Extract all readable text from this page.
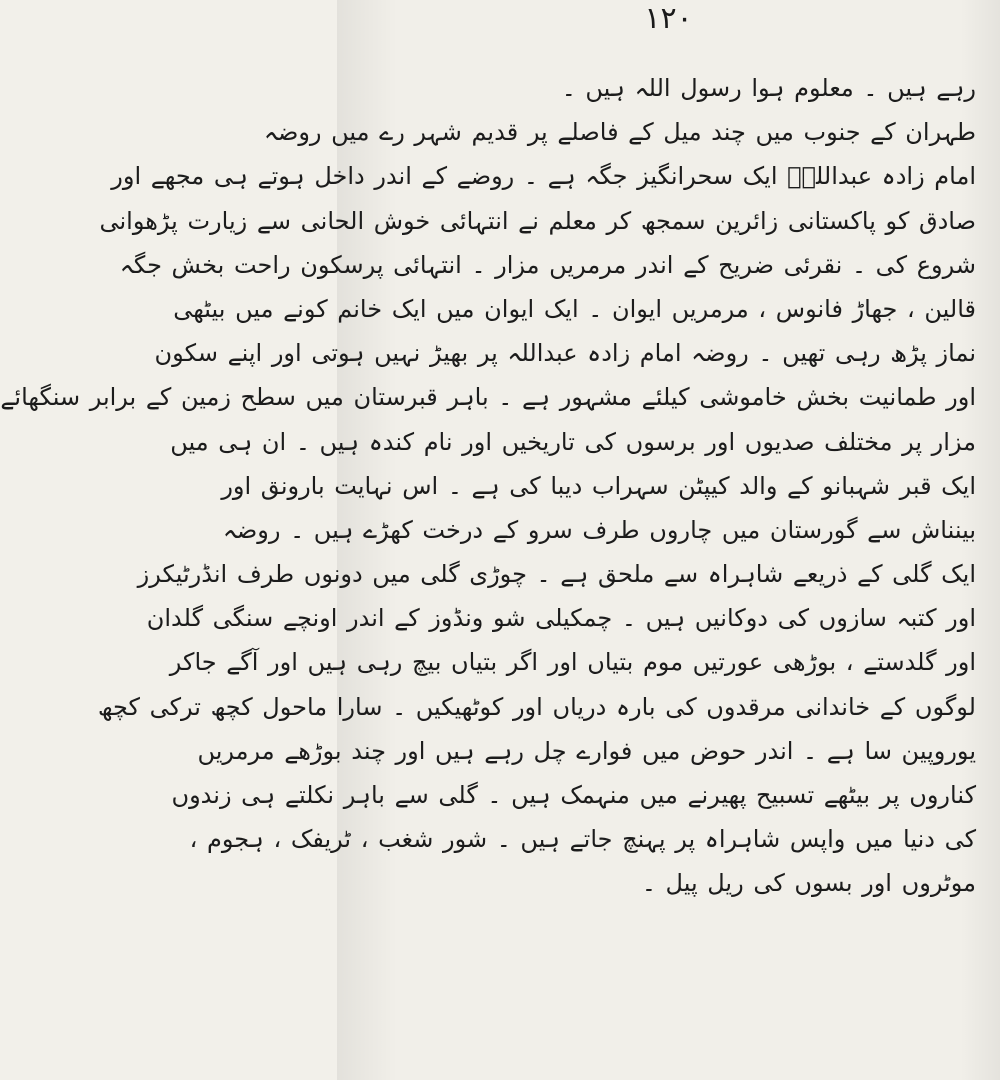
١٢٠
رہے ہیں ۔ معلوم ہوا رسول اللہ ہیں ۔
طہران کے جنوب میں چند میل کے فاصلے پر قدیم شہر رے میں روضہ
امام زادہ عبداللہؑ ایک سحرانگیز جگہ ہے ۔ روضے کے اندر داخل ہوتے ہی مجھے اور
صادق کو پاکستانی زائرین سمجھ کر معلم نے انتہائی خوش الحانی سے زیارت پڑھوانی
شروع کی ۔ نقرئی ضریح کے اندر مرمریں مزار ۔ انتہائی پرسکون راحت بخش جگہ
قالین ، جھاڑ فانوس ، مرمریں ایوان ۔ ایک ایوان میں ایک خانم کونے میں بیٹھی
نماز پڑھ رہی تھیں ۔ روضہ امام زادہ عبداللہ پر بھیڑ نہیں ہوتی اور اپنے سکون
اور طمانیت بخش خاموشی کیلئے مشہور ہے ۔ باہر قبرستان میں سطح زمین کے برابر سنگھائے
مزار پر مختلف صدیوں اور برسوں کی تاریخیں اور نام کندہ ہیں ۔ ان ہی میں
ایک قبر شہبانو کے والد کیپٹن سہراب دیبا کی ہے ۔ اس نہایت بارونق اور
بینناش سے گورستان میں چاروں طرف سرو کے درخت کھڑے ہیں ۔ روضہ
ایک گلی کے ذریعے شاہراہ سے ملحق ہے ۔ چوڑی گلی میں دونوں طرف انڈرٹیکرز
اور کتبہ سازوں کی دوکانیں ہیں ۔ چمکیلی شو ونڈوز کے اندر اونچے سنگی گلدان
اور گلدستے ، بوڑھی عورتیں موم بتیاں اور اگر بتیاں بیچ رہی ہیں اور آگے جاکر
لوگوں کے خاندانی مرقدوں کی بارہ دریاں اور کوٹھیکیں ۔ سارا ماحول کچھ ترکی کچھ
یوروپین سا ہے ۔ اندر حوض میں فوارے چل رہے ہیں اور چند بوڑھے مرمریں
کناروں پر بیٹھے تسبیح پھیرنے میں منہمک ہیں ۔ گلی سے باہر نکلتے ہی زندوں
کی دنیا میں واپس شاہراہ پر پہنچ جاتے ہیں ۔ شور شغب ، ٹریفک ، ہجوم ،
موٹروں اور بسوں کی ریل پیل ۔
